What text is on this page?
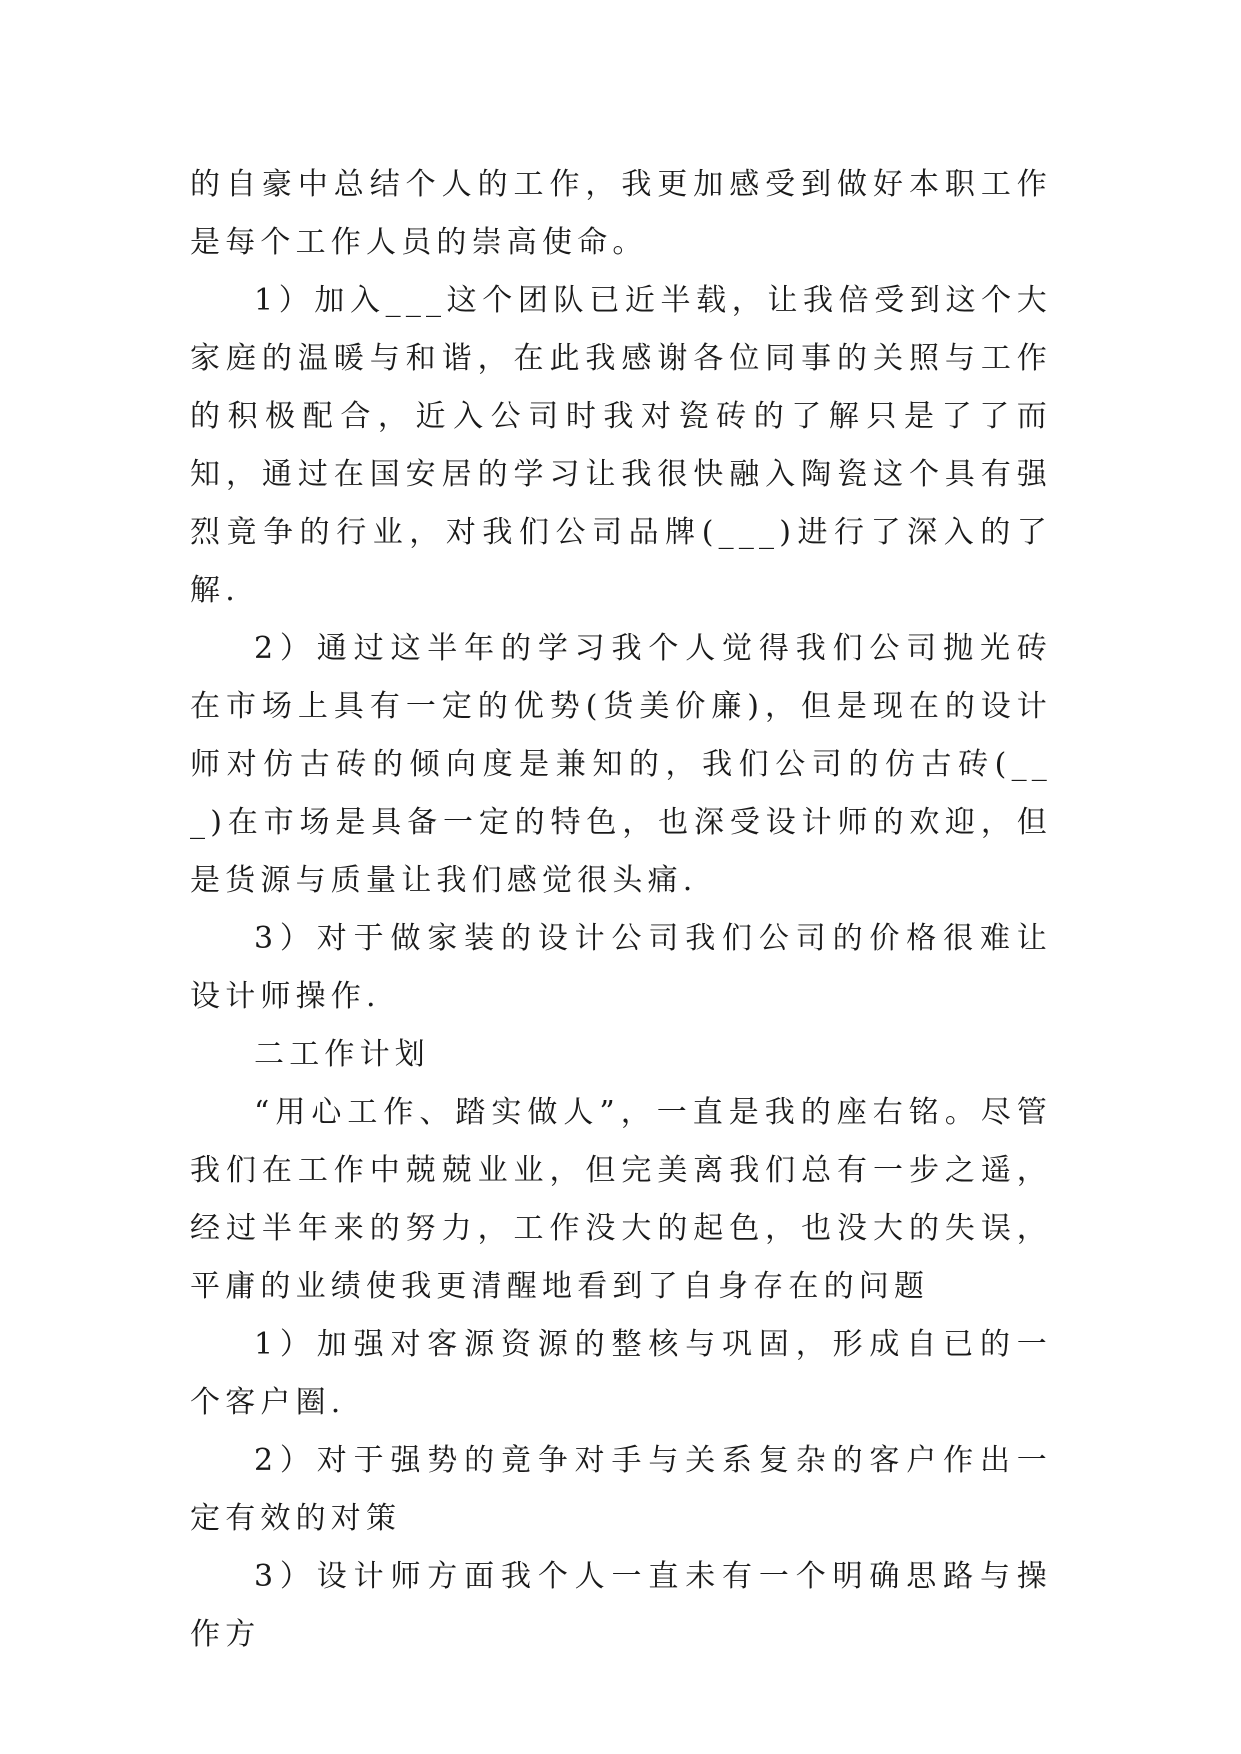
的自豪中总结个人的工作，我更加感受到做好本职工作是每个工作人员的崇高使命。

1）加入___这个团队已近半载，让我倍受到这个大家庭的温暖与和谐，在此我感谢各位同事的关照与工作的积极配合，近入公司时我对瓷砖的了解只是了了而知，通过在国安居的学习让我很快融入陶瓷这个具有强烈竟争的行业，对我们公司品牌(___)进行了深入的了解.

2）通过这半年的学习我个人觉得我们公司抛光砖在市场上具有一定的优势(货美价廉)，但是现在的设计师对仿古砖的倾向度是兼知的，我们公司的仿古砖(___)在市场是具备一定的特色，也深受设计师的欢迎，但是货源与质量让我们感觉很头痛.

3）对于做家装的设计公司我们公司的价格很难让设计师操作.

二工作计划

“用心工作、踏实做人”，一直是我的座右铭。尽管我们在工作中兢兢业业，但完美离我们总有一步之遥，经过半年来的努力，工作没大的起色，也没大的失误，平庸的业绩使我更清醒地看到了自身存在的问题

1）加强对客源资源的整核与巩固，形成自已的一个客户圈.

2）对于强势的竟争对手与关系复杂的客户作出一定有效的对策

3）设计师方面我个人一直未有一个明确思路与操作方
